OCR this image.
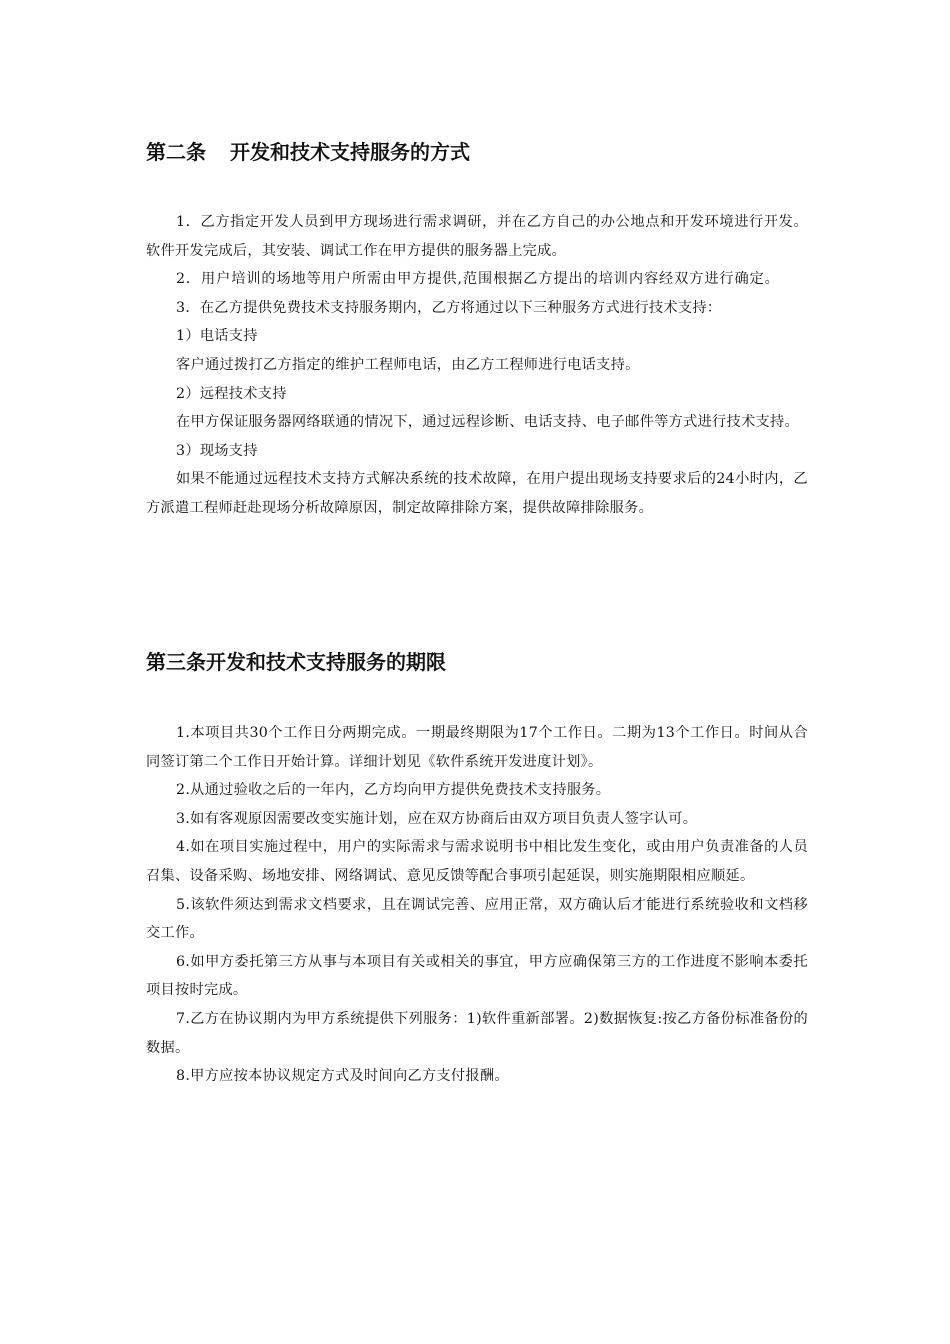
第二条 开发和技术支持服务的方式

1．乙方指定开发人员到甲方现场进行需求调研，并在乙方自己的办公地点和开发环境进行开发。软件开发完成后，其安装、调试工作在甲方提供的服务器上完成。

2．用户培训的场地等用户所需由甲方提供,范围根据乙方提出的培训内容经双方进行确定。

3．在乙方提供免费技术支持服务期内，乙方将通过以下三种服务方式进行技术支持：

1）电话支持

客户通过拨打乙方指定的维护工程师电话，由乙方工程师进行电话支持。

2）远程技术支持

在甲方保证服务器网络联通的情况下，通过远程诊断、电话支持、电子邮件等方式进行技术支持。

3）现场支持

如果不能通过远程技术支持方式解决系统的技术故障，在用户提出现场支持要求后的24小时内，乙方派遣工程师赶赴现场分析故障原因，制定故障排除方案，提供故障排除服务。

第三条开发和技术支持服务的期限

1.本项目共30个工作日分两期完成。一期最终期限为17个工作日。二期为13个工作日。时间从合同签订第二个工作日开始计算。详细计划见《软件系统开发进度计划》。

2.从通过验收之后的一年内，乙方均向甲方提供免费技术支持服务。

3.如有客观原因需要改变实施计划，应在双方协商后由双方项目负责人签字认可。

4.如在项目实施过程中，用户的实际需求与需求说明书中相比发生变化，或由用户负责准备的人员召集、设备采购、场地安排、网络调试、意见反馈等配合事项引起延误，则实施期限相应顺延。

5.该软件须达到需求文档要求，且在调试完善、应用正常，双方确认后才能进行系统验收和文档移交工作。

6.如甲方委托第三方从事与本项目有关或相关的事宜，甲方应确保第三方的工作进度不影响本委托项目按时完成。

7.乙方在协议期内为甲方系统提供下列服务：1)软件重新部署。2)数据恢复:按乙方备份标准备份的数据。

8.甲方应按本协议规定方式及时间向乙方支付报酬。
